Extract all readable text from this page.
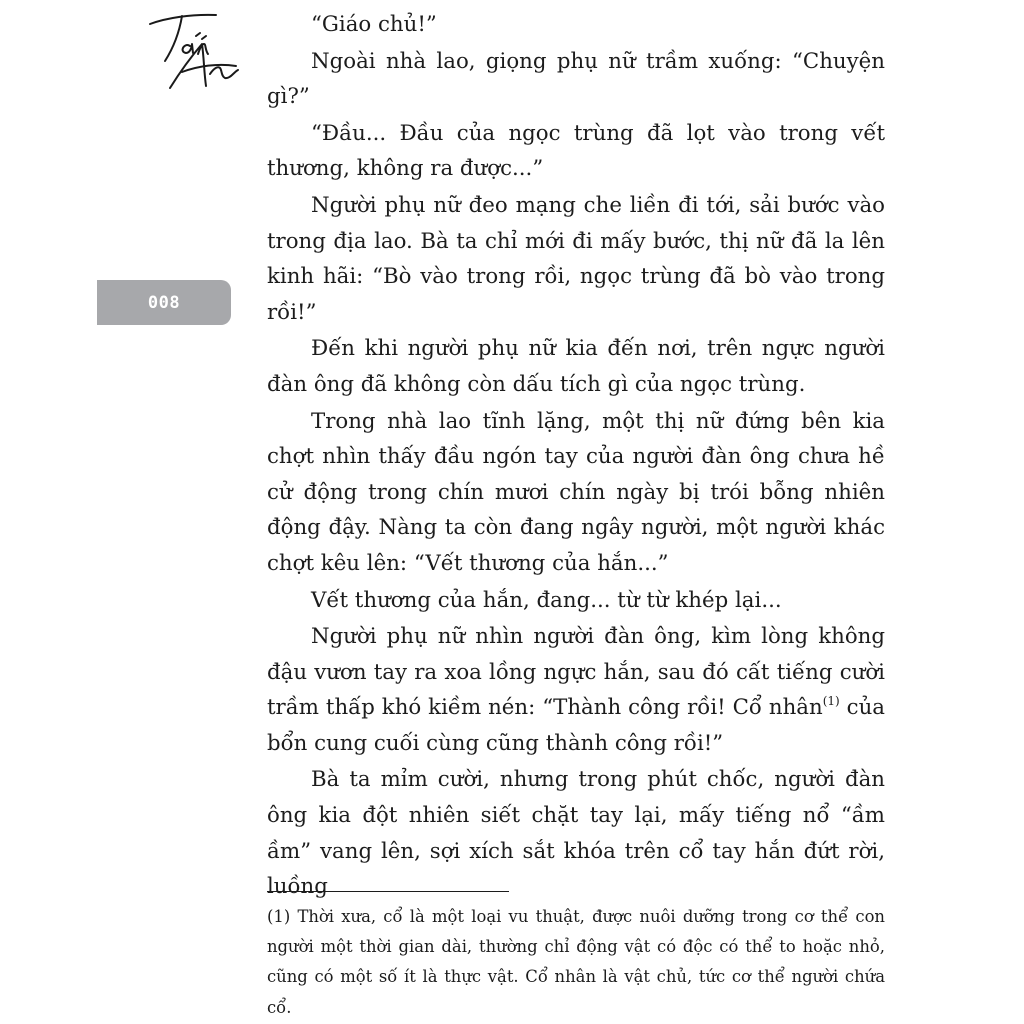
008

“Giáo chủ!”

Ngoài nhà lao, giọng phụ nữ trầm xuống: “Chuyện gì?”

“Đầu... Đầu của ngọc trùng đã lọt vào trong vết thương, không ra được...”

Người phụ nữ đeo mạng che liền đi tới, sải bước vào trong địa lao. Bà ta chỉ mới đi mấy bước, thị nữ đã la lên kinh hãi: “Bò vào trong rồi, ngọc trùng đã bò vào trong rồi!”

Đến khi người phụ nữ kia đến nơi, trên ngực người đàn ông đã không còn dấu tích gì của ngọc trùng.

Trong nhà lao tĩnh lặng, một thị nữ đứng bên kia chợt nhìn thấy đầu ngón tay của người đàn ông chưa hề cử động trong chín mươi chín ngày bị trói bỗng nhiên động đậy. Nàng ta còn đang ngây người, một người khác chợt kêu lên: “Vết thương của hắn...”

Vết thương của hắn, đang... từ từ khép lại...

Người phụ nữ nhìn người đàn ông, kìm lòng không đậu vươn tay ra xoa lồng ngực hắn, sau đó cất tiếng cười trầm thấp khó kiềm nén: “Thành công rồi! Cổ nhân$^{(1)}$ của bổn cung cuối cùng cũng thành công rồi!”

Bà ta mỉm cười, nhưng trong phút chốc, người đàn ông kia đột nhiên siết chặt tay lại, mấy tiếng nổ “ầm ầm” vang lên, sợi xích sắt khóa trên cổ tay hắn đứt rời, luồng

(1) Thời xưa, cổ là một loại vu thuật, được nuôi dưỡng trong cơ thể con người một thời gian dài, thường chỉ động vật có độc có thể to hoặc nhỏ, cũng có một số ít là thực vật. Cổ nhân là vật chủ, tức cơ thể người chứa cổ.
